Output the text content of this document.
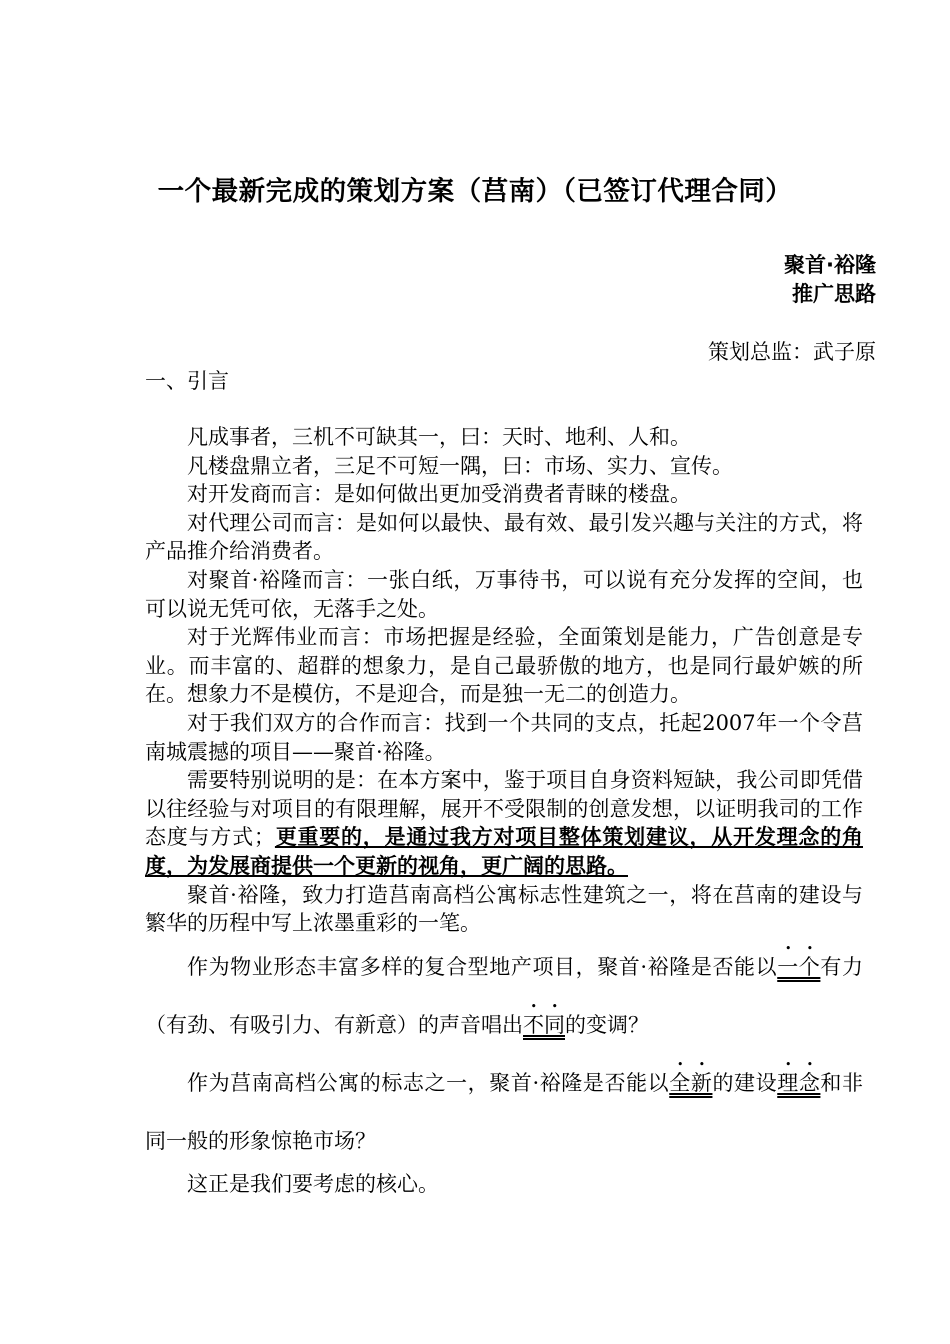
一个最新完成的策划方案（莒南）（已签订代理合同）

聚首·裕隆

推广思路

策划总监：武子原

一、引言

凡成事者，三机不可缺其一，曰：天时、地利、人和。

凡楼盘鼎立者，三足不可短一隅，曰：市场、实力、宣传。

对开发商而言：是如何做出更加受消费者青睐的楼盘。

对代理公司而言：是如何以最快、最有效、最引发兴趣与关注的方式，将产品推介给消费者。

对聚首·裕隆而言：一张白纸，万事待书，可以说有充分发挥的空间，也可以说无凭可依，无落手之处。

对于光辉伟业而言：市场把握是经验，全面策划是能力，广告创意是专业。而丰富的、超群的想象力，是自己最骄傲的地方，也是同行最妒嫉的所在。想象力不是模仿，不是迎合，而是独一无二的创造力。

对于我们双方的合作而言：找到一个共同的支点，托起2007年一个令莒南城震撼的项目——聚首·裕隆。

需要特别说明的是：在本方案中，鉴于项目自身资料短缺，我公司即凭借以往经验与对项目的有限理解，展开不受限制的创意发想，以证明我司的工作态度与方式；更重要的，是通过我方对项目整体策划建议，从开发理念的角度，为发展商提供一个更新的视角，更广阔的思路。

聚首·裕隆，致力打造莒南高档公寓标志性建筑之一，将在莒南的建设与繁华的历程中写上浓墨重彩的一笔。

作为物业形态丰富多样的复合型地产项目，聚首·裕隆是否能以一个有力（有劲、有吸引力、有新意）的声音唱出不同的变调？

作为莒南高档公寓的标志之一，聚首·裕隆是否能以全新的建设理念和非同一般的形象惊艳市场？

这正是我们要考虑的核心。
